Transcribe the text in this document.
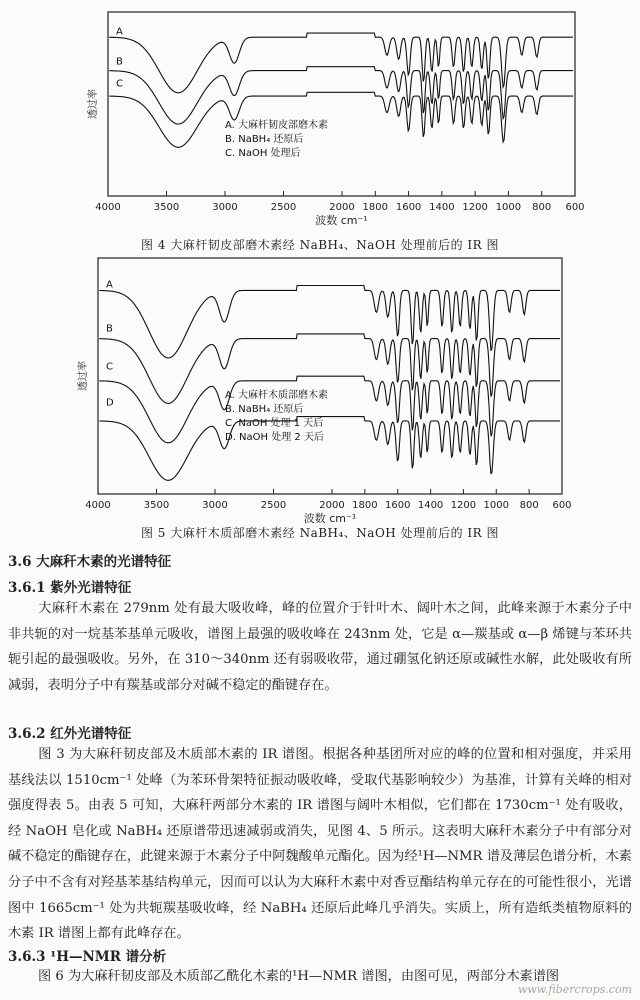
4000	3500	3000	2500	2000 1800 1600 1400 1200 1000 800 600
波数 cm⁻¹
透过率
A
B
C
A. 大麻杆韧皮部磨木素
B. NaBH₄ 还原后
C. NaOH 处理后
图 4 大麻杆韧皮部磨木素经 NaBH₄、NaOH 处理前后的 IR 图
4000	3500	3000	2500	2000 1800 1600 1400 1200 1000 800 600
波数 cm⁻¹
透过率
A
B
C
D
A. 大麻杆木质部磨木素
B. NaBH₄ 还原后
C. NaOH 处理 1 天后
D. NaOH 处理 2 天后
图 5 大麻杆木质部磨木素经 NaBH₄、NaOH 处理前后的 IR 图
3.6 大麻秆木素的光谱特征
3.6.1 紫外光谱特征
大麻秆木素在 279nm 处有最大吸收峰，峰的位置介于针叶木、阔叶木之间，此峰来源于木素分子中非共轭的对一烷基苯基单元吸收，谱图上最强的吸收峰在 243nm 处，它是 α—羰基或 α—β 烯键与苯环共轭引起的最强吸收。另外，在 310～340nm 还有弱吸收带，通过硼氢化钠还原或碱性水解，此处吸收有所减弱，表明分子中有羰基或部分对碱不稳定的酯键存在。
3.6.2 红外光谱特征
图 3 为大麻秆韧皮部及木质部木素的 IR 谱图。根据各种基团所对应的峰的位置和相对强度，并采用基线法以 1510cm⁻¹ 处峰（为苯环骨架特征振动吸收峰，受取代基影响较少）为基准，计算有关峰的相对强度得表 5。由表 5 可知，大麻秆两部分木素的 IR 谱图与阔叶木相似，它们都在 1730cm⁻¹ 处有吸收，经 NaOH 皂化或 NaBH₄ 还原谱带迅速减弱或消失，见图 4、5 所示。这表明大麻秆木素分子中有部分对碱不稳定的酯键存在，此键来源于木素分子中阿魏酸单元酯化。因为经¹H—NMR 谱及薄层色谱分析，木素分子中不含有对羟基苯基结构单元，因而可以认为大麻秆木素中对香豆酯结构单元存在的可能性很小，光谱图中 1665cm⁻¹ 处为共轭羰基吸收峰，经 NaBH₄ 还原后此峰几乎消失。实质上，所有造纸类植物原料的木素 IR 谱图上都有此峰存在。
3.6.3 ¹H—NMR 谱分析
图 6 为大麻秆韧皮部及木质部乙酰化木素的¹H—NMR 谱图，由图可见，两部分木素谱图
www.fibercrops.com
